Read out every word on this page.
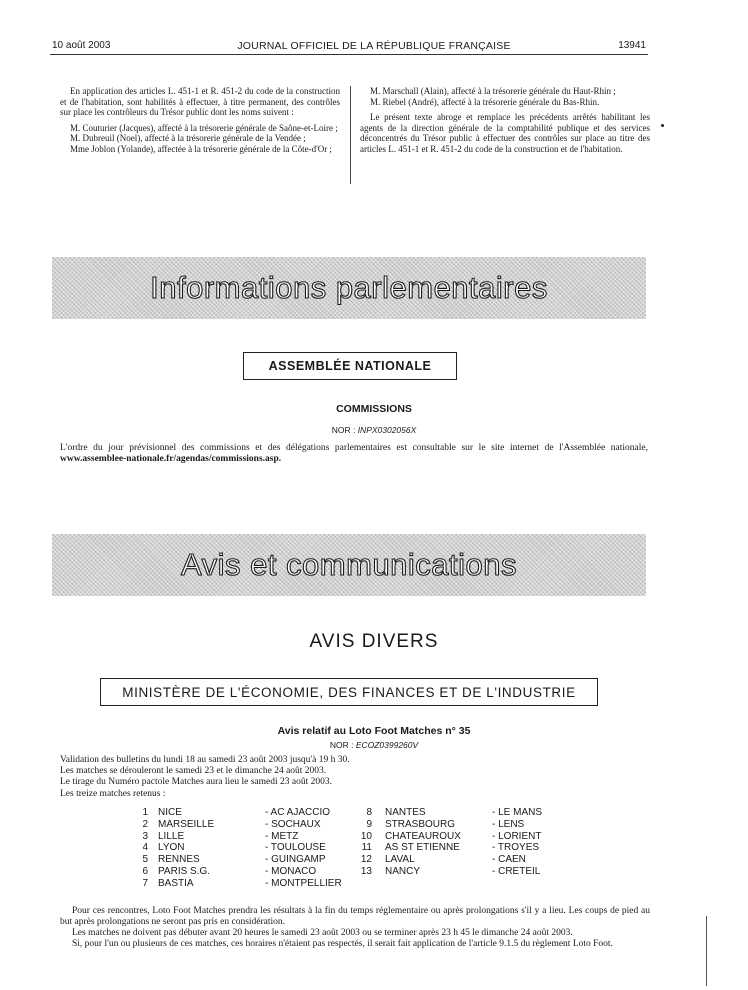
10 août 2003	JOURNAL OFFICIEL DE LA RÉPUBLIQUE FRANÇAISE	13941

En application des articles L. 451-1 et R. 451-2 du code de la construction et de l'habitation, sont habilités à effectuer, à titre permanent, des contrôles sur place les contrôleurs du Trésor public dont les noms suivent :

M. Couturier (Jacques), affecté à la trésorerie générale de Saône-et-Loire ;

M. Dubreuil (Noel), affecté à la trésorerie générale de la Vendée ;

Mme Joblon (Yolande), affectée à la trésorerie générale de la Côte-d'Or ;

M. Marschall (Alain), affecté à la trésorerie générale du Haut-Rhin ;

M. Riebel (André), affecté à la trésorerie générale du Bas-Rhin.

Le présent texte abroge et remplace les précédents arrêtés habilitant les agents de la direction générale de la comptabilité publique et des services déconcentrés du Trésor public à effectuer des contrôles sur place au titre des articles L. 451-1 et R. 451-2 du code de la construction et de l'habitation.

Informations parlementaires
ASSEMBLÉE NATIONALE
COMMISSIONS
NOR : INPX0302056X
L'ordre du jour prévisionnel des commissions et des délégations parlementaires est consultable sur le site internet de l'Assemblée nationale, www.assemblee-nationale.fr/agendas/commissions.asp.
Avis et communications
AVIS DIVERS
MINISTÈRE DE L'ÉCONOMIE, DES FINANCES ET DE L'INDUSTRIE
Avis relatif au Loto Foot Matches n° 35
NOR : ECOZ0399260V
Validation des bulletins du lundi 18 au samedi 23 août 2003 jusqu'à 19 h 30.
Les matches se dérouleront le samedi 23 et le dimanche 24 août 2003.
Le tirage du Numéro pactole Matches aura lieu le samedi 23 août 2003.
Les treize matches retenus :
1 NICE	- AC AJACCIO
2 MARSEILLE	- SOCHAUX
3 LILLE	- METZ
4 LYON	- TOULOUSE
5 RENNES	- GUINGAMP
6 PARIS S.G.	- MONACO
7 BASTIA	- MONTPELLIER
8 NANTES	- LE MANS
9 STRASBOURG	- LENS
10 CHATEAUROUX	- LORIENT
11 AS ST ETIENNE	- TROYES
12 LAVAL	- CAEN
13 NANCY	- CRETEIL

Pour ces rencontres, Loto Foot Matches prendra les résultats à la fin du temps réglementaire ou après prolongations s'il y a lieu. Les coups de pied au but après prolongations ne seront pas pris en considération.

Les matches ne doivent pas débuter avant 20 heures le samedi 23 août 2003 ou se terminer après 23 h 45 le dimanche 24 août 2003.

Si, pour l'un ou plusieurs de ces matches, ces horaires n'étaient pas respectés, il serait fait application de l'article 9.1.5 du règlement Loto Foot.
